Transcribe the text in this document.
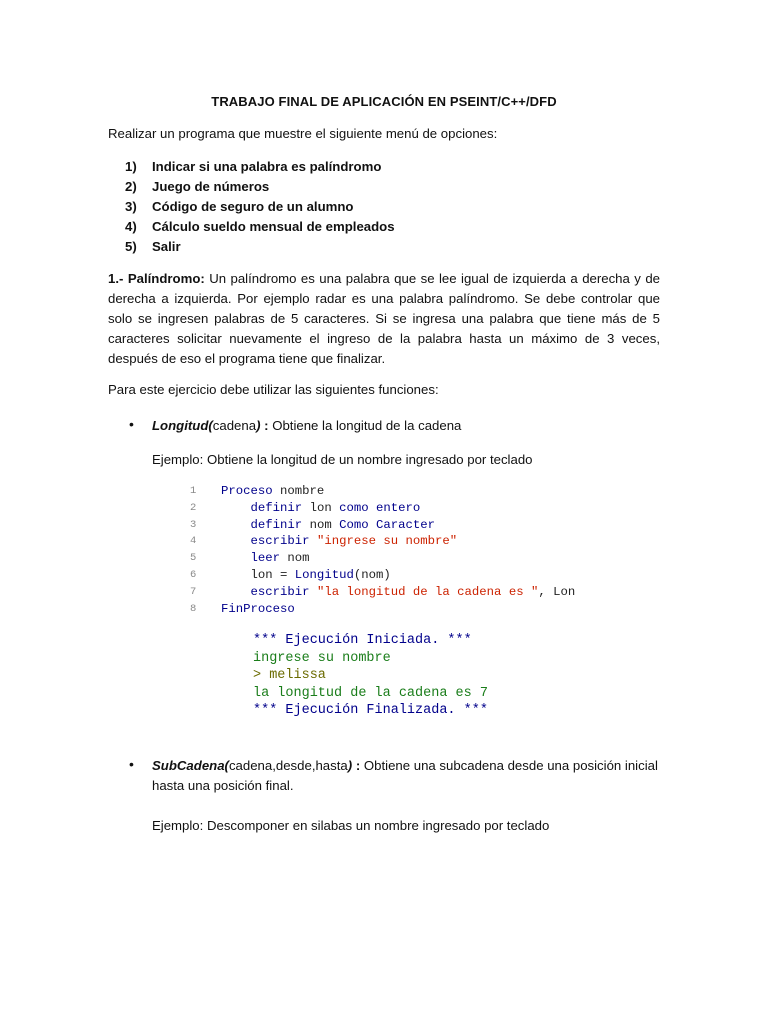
TRABAJO FINAL DE APLICACIÓN EN PSEINT/C++/DFD
Realizar un programa que muestre el siguiente menú de opciones:
1)	Indicar si una palabra es palíndromo
2)	Juego de números
3)	Código de seguro de un alumno
4)	Cálculo sueldo mensual de empleados
5)	Salir
1.- Palíndromo: Un palíndromo es una palabra que se lee igual de izquierda a derecha y de derecha a izquierda. Por ejemplo radar es una palabra palíndromo. Se debe controlar que solo se ingresen palabras de 5 caracteres. Si se ingresa una palabra que tiene más de 5 caracteres solicitar nuevamente el ingreso de la palabra hasta un máximo de 3 veces, después de eso el programa tiene que finalizar.
Para este ejercicio debe utilizar las siguientes funciones:
• Longitud(cadena) : Obtiene la longitud de la cadena
Ejemplo: Obtiene la longitud de un nombre ingresado por teclado
1	Proceso nombre
2	definir lon como entero
3	definir nom Como Caracter
4	escribir "ingrese su nombre"
5	leer nom
6	lon = Longitud(nom)
7	escribir "la longitud de la cadena es ", Lon
8	FinProceso
*** Ejecución Iniciada. ***
ingrese su nombre
> melissa
la longitud de la cadena es 7
*** Ejecución Finalizada. ***
• SubCadena(cadena,desde,hasta) : Obtiene una subcadena desde una posición inicial hasta una posición final.
Ejemplo: Descomponer en silabas un nombre ingresado por teclado
